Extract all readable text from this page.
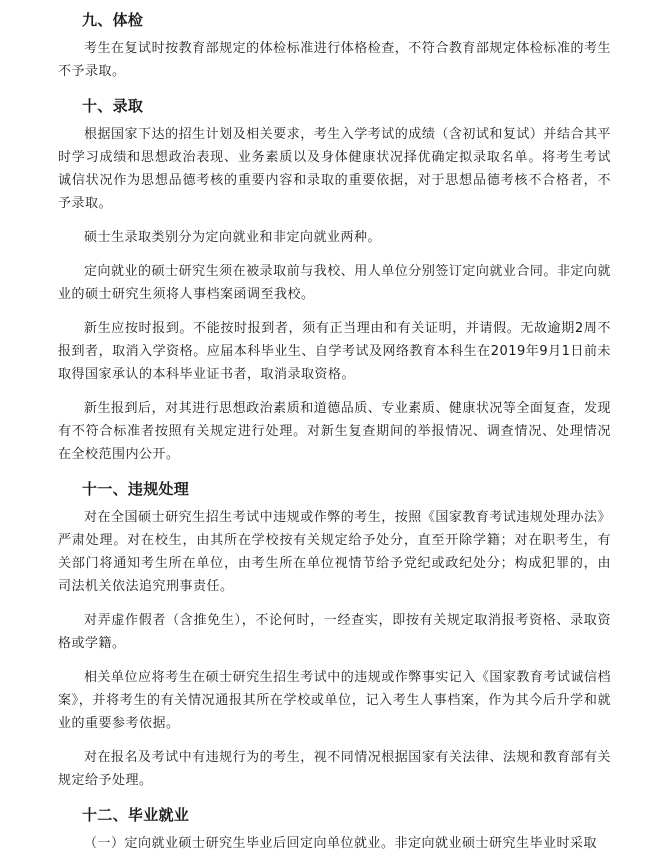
九、体检

考生在复试时按教育部规定的体检标准进行体格检查，不符合教育部规定体检标准的考生不予录取。

十、录取

根据国家下达的招生计划及相关要求，考生入学考试的成绩（含初试和复试）并结合其平时学习成绩和思想政治表现、业务素质以及身体健康状况择优确定拟录取名单。将考生考试诚信状况作为思想品德考核的重要内容和录取的重要依据，对于思想品德考核不合格者，不予录取。

硕士生录取类别分为定向就业和非定向就业两种。

定向就业的硕士研究生须在被录取前与我校、用人单位分别签订定向就业合同。非定向就业的硕士研究生须将人事档案函调至我校。

新生应按时报到。不能按时报到者，须有正当理由和有关证明，并请假。无故逾期2周不报到者，取消入学资格。应届本科毕业生、自学考试及网络教育本科生在2019年9月1日前未取得国家承认的本科毕业证书者，取消录取资格。

新生报到后，对其进行思想政治素质和道德品质、专业素质、健康状况等全面复查，发现有不符合标准者按照有关规定进行处理。对新生复查期间的举报情况、调查情况、处理情况在全校范围内公开。

十一、违规处理

对在全国硕士研究生招生考试中违规或作弊的考生，按照《国家教育考试违规处理办法》严肃处理。对在校生，由其所在学校按有关规定给予处分，直至开除学籍；对在职考生，有关部门将通知考生所在单位，由考生所在单位视情节给予党纪或政纪处分；构成犯罪的，由司法机关依法追究刑事责任。

对弄虚作假者（含推免生），不论何时，一经查实，即按有关规定取消报考资格、录取资格或学籍。

相关单位应将考生在硕士研究生招生考试中的违规或作弊事实记入《国家教育考试诚信档案》，并将考生的有关情况通报其所在学校或单位，记入考生人事档案，作为其今后升学和就业的重要参考依据。

对在报名及考试中有违规行为的考生，视不同情况根据国家有关法律、法规和教育部有关规定给予处理。

十二、毕业就业

（一）定向就业硕士研究生毕业后回定向单位就业。非定向就业硕士研究生毕业时采取
